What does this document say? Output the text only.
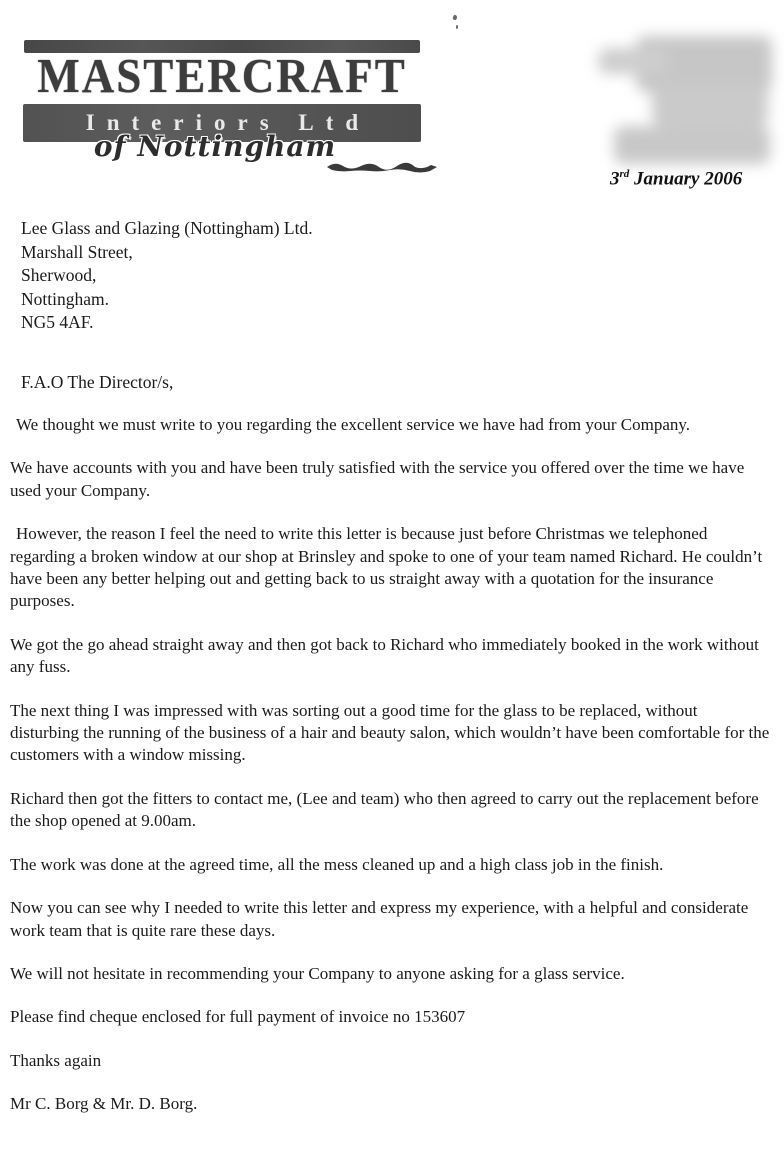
MASTERCRAFT
Interiors Ltd
of Nottingham
3rd January 2006
Lee Glass and Glazing (Nottingham) Ltd.
Marshall Street,
Sherwood,
Nottingham.
NG5 4AF.
F.A.O The Director/s,

We thought we must write to you regarding the excellent service we have had from your Company.

We have accounts with you and have been truly satisfied with the service you offered over the time we have used your Company.

However, the reason I feel the need to write this letter is because just before Christmas we telephoned regarding a broken window at our shop at Brinsley and spoke to one of your team named Richard. He couldn’t have been any better helping out and getting back to us straight away with a quotation for the insurance purposes.

We got the go ahead straight away and then got back to Richard who immediately booked in the work without any fuss.

The next thing I was impressed with was sorting out a good time for the glass to be replaced, without disturbing the running of the business of a hair and beauty salon, which wouldn’t have been comfortable for the customers with a window missing.

Richard then got the fitters to contact me, (Lee and team) who then agreed to carry out the replacement before the shop opened at 9.00am.

The work was done at the agreed time, all the mess cleaned up and a high class job in the finish.

Now you can see why I needed to write this letter and express my experience, with a helpful and considerate work team that is quite rare these days.

We will not hesitate in recommending your Company to anyone asking for a glass service.

Please find cheque enclosed for full payment of invoice no 153607

Thanks again

Mr C. Borg & Mr. D. Borg.
